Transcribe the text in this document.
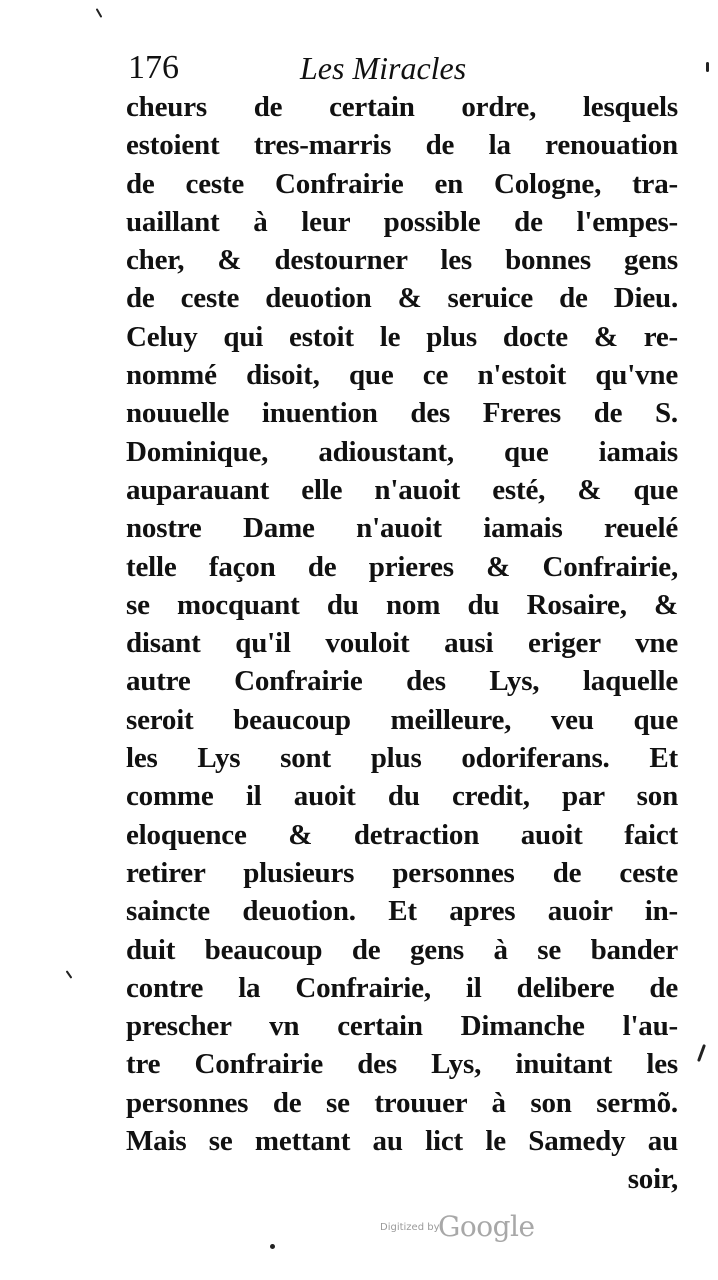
176	Les Miracles
cheurs de certain ordre, lesquels
estoient tres-marris de la renouation
de ceste Confrairie en Cologne, tra-
uaillant à leur possible de l'empes-
cher, & destourner les bonnes gens
de ceste deuotion & seruice de Dieu.
Celuy qui estoit le plus docte & re-
nommé disoit, que ce n'estoit qu'vne
nouuelle inuention des Freres de S.
Dominique, adioustant, que iamais
auparauant elle n'auoit esté, & que
nostre Dame n'auoit iamais reuelé
telle façon de prieres & Confrairie,
se mocquant du nom du Rosaire, &
disant qu'il vouloit ausi eriger vne
autre Confrairie des Lys, laquelle
seroit beaucoup meilleure, veu que
les Lys sont plus odoriferans. Et
comme il auoit du credit, par son
eloquence & detraction auoit faict
retirer plusieurs personnes de ceste
saincte deuotion. Et apres auoir in-
duit beaucoup de gens à se bander
contre la Confrairie, il delibere de
prescher vn certain Dimanche l'au-
tre Confrairie des Lys, inuitant les
personnes de se trouuer à son sermõ.
Mais se mettant au lict le Samedy au
soir,
Digitized by
Google
